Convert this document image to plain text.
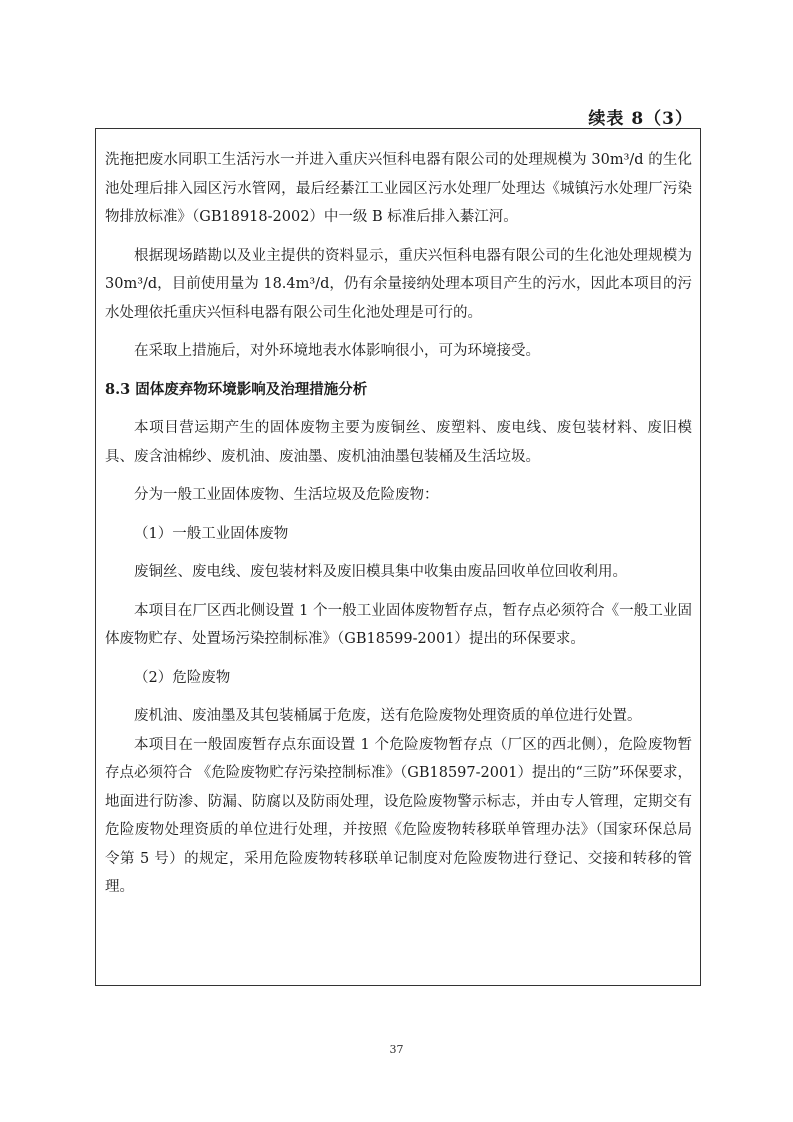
续表 8（3）

洗拖把废水同职工生活污水一并进入重庆兴恒科电器有限公司的处理规模为 30m³/d 的生化池处理后排入园区污水管网，最后经綦江工业园区污水处理厂处理达《城镇污水处理厂污染物排放标准》（GB18918-2002）中一级 B 标准后排入綦江河。

根据现场踏勘以及业主提供的资料显示，重庆兴恒科电器有限公司的生化池处理规模为 30m³/d，目前使用量为 18.4m³/d，仍有余量接纳处理本项目产生的污水，因此本项目的污水处理依托重庆兴恒科电器有限公司生化池处理是可行的。

在采取上措施后，对外环境地表水体影响很小，可为环境接受。

8.3 固体废弃物环境影响及治理措施分析

本项目营运期产生的固体废物主要为废铜丝、废塑料、废电线、废包装材料、废旧模具、废含油棉纱、废机油、废油墨、废机油油墨包装桶及生活垃圾。

分为一般工业固体废物、生活垃圾及危险废物：

（1）一般工业固体废物

废铜丝、废电线、废包装材料及废旧模具集中收集由废品回收单位回收利用。

本项目在厂区西北侧设置 1 个一般工业固体废物暂存点，暂存点必须符合《一般工业固体废物贮存、处置场污染控制标准》（GB18599-2001）提出的环保要求。

（2）危险废物

废机油、废油墨及其包装桶属于危废，送有危险废物处理资质的单位进行处置。

本项目在一般固废暂存点东面设置 1 个危险废物暂存点（厂区的西北侧），危险废物暂存点必须符合 《危险废物贮存污染控制标准》（GB18597-2001）提出的“三防”环保要求，地面进行防渗、防漏、防腐以及防雨处理，设危险废物警示标志，并由专人管理，定期交有危险废物处理资质的单位进行处理，并按照《危险废物转移联单管理办法》（国家环保总局令第 5 号）的规定，采用危险废物转移联单记制度对危险废物进行登记、交接和转移的管理。

37
